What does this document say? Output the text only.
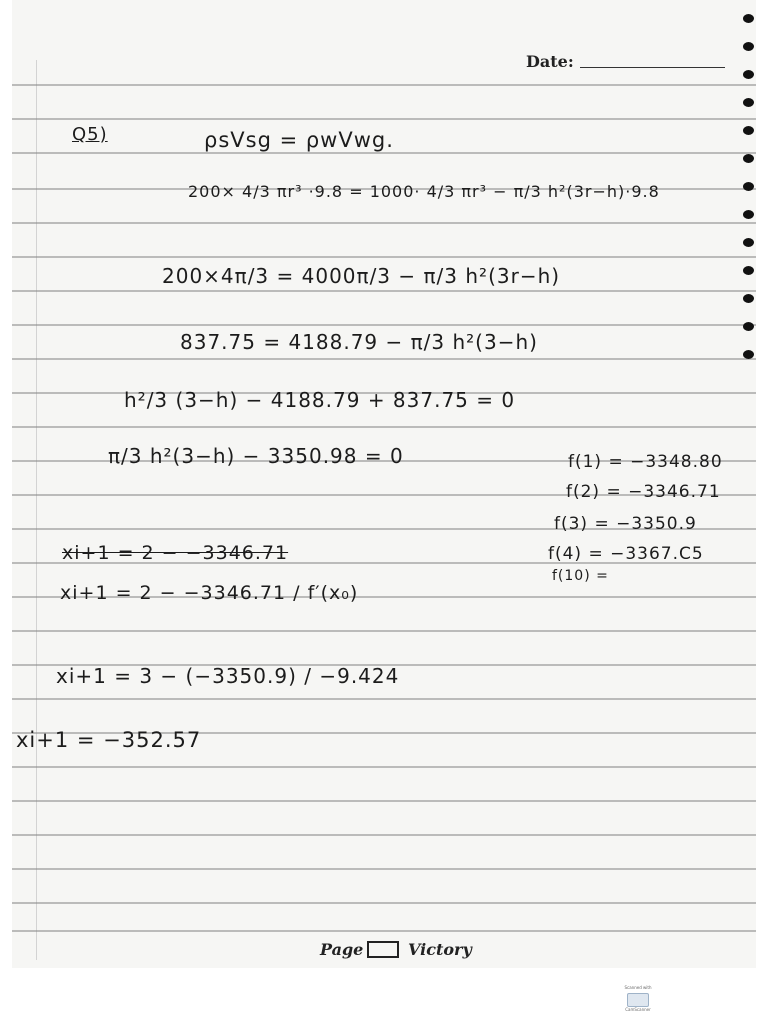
Date:
Q5)	ρsVsg = ρwVwg.
200× 4/3 πr³ ·9.8 = 1000· 4/3 πr³ − π/3 h²(3r−h)·9.8
200×4π/3 = 4000π/3 − π/3 h²(3r−h)
837.75 = 4188.79 − π/3 h²(3−h)
h²/3 (3−h) − 4188.79 + 837.75 = 0
π/3 h²(3−h) − 3350.98 = 0
xi+1 = 2 − −3346.71
xi+1 = 2 − −3346.71 / f′(x₀)
xi+1 = 3 − (−3350.9) / −9.424
xi+1 = −352.57
f(1) = −3348.80
f(2) = −3346.71
f(3) = −3350.9
f(4) = −3367.C5
f(10) =
Page	Victory
Scanned with
CamScanner
